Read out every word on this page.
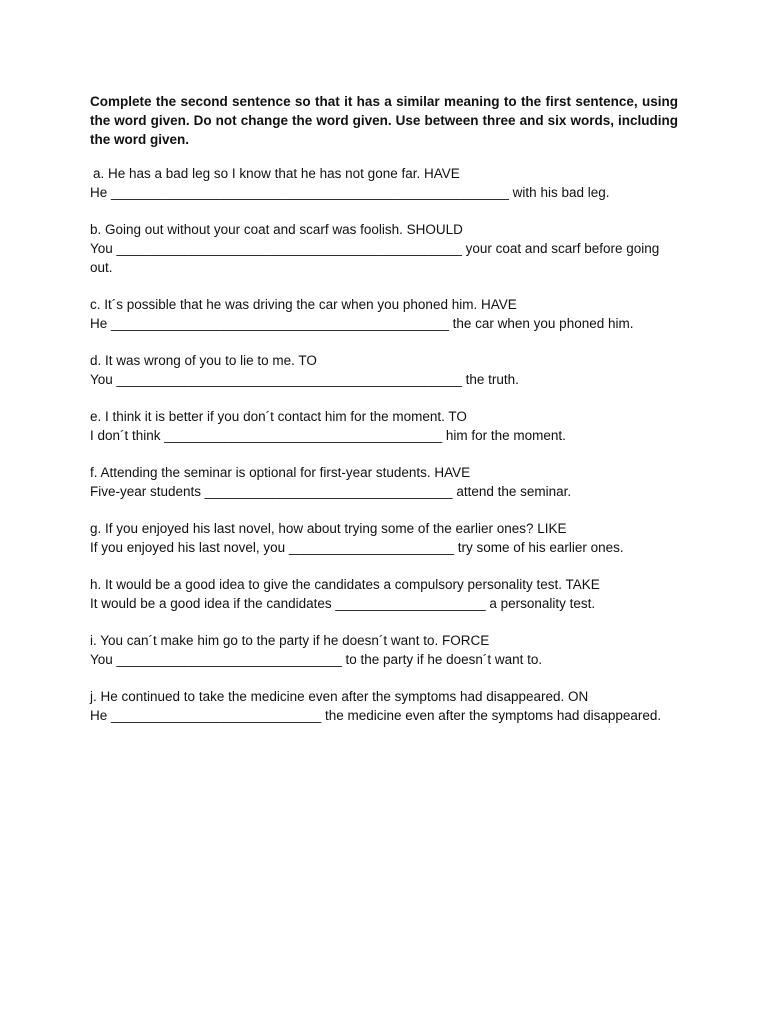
Complete the second sentence so that it has a similar meaning to the first sentence, using the word given. Do not change the word given. Use between three and six words, including the word given.

a. He has a bad leg so I know that he has not gone far. HAVE
He _____________________________________________________ with his bad leg.
b. Going out without your coat and scarf was foolish. SHOULD
You ______________________________________________ your coat and scarf before going out.
c. It´s possible that he was driving the car when you phoned him. HAVE
He _____________________________________________ the car when you phoned him.
d. It was wrong of you to lie to me. TO
You ______________________________________________ the truth.
e. I think it is better if you don´t contact him for the moment. TO
I don´t think _____________________________________ him for the moment.
f. Attending the seminar is optional for first-year students. HAVE
Five-year students _________________________________ attend the seminar.
g. If you enjoyed his last novel, how about trying some of the earlier ones? LIKE
If you enjoyed his last novel, you ______________________ try some of his earlier ones.
h. It would be a good idea to give the candidates a compulsory personality test. TAKE
It would be a good idea if the candidates ____________________ a personality test.
i. You can´t make him go to the party if he doesn´t want to. FORCE
You ______________________________ to the party if he doesn´t want to.
j. He continued to take the medicine even after the symptoms had disappeared. ON
He ____________________________ the medicine even after the symptoms had disappeared.
